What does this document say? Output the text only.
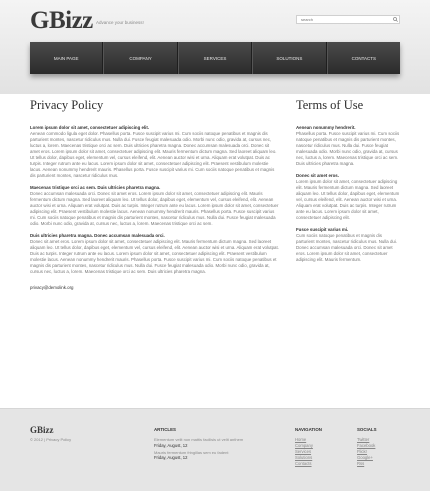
GBizz Advance your business!
search
MAIN PAGE	COMPANY	SERVICES	SOLUTIONS	CONTACTS
Privacy Policy	Terms of Use
Lorem ipsum dolor sit amet, consectetuer adipiscing elit.
Aenean commodo ligula eget dolor. Phasellus porta. Fusce suscipit varius mi. Cum sociis natoque penatibus et magnis dis parturient montes, nascetur ridiculus mus. Nulla dui. Fusce feugiat malesuada odio. Morbi nunc odio, gravida at, cursus nec, luctus a, lorem. Maecenas tristique orci ac sem. Duis ultricies pharetra magna. Donec accumsan malesuada orci. Donec sit amet eros. Lorem ipsum dolor sit amet, consectetuer adipiscing elit. Mauris fermentum dictum magna. Sed laoreet aliquam leo. Ut tellus dolor, dapibus eget, elementum vel, cursus eleifend, elit. Aenean auctor wisi et urna. Aliquam erat volutpat. Duis ac turpis. Integer rutrum ante eu lacus. Lorem ipsum dolor sit amet, consectetuer adipiscing elit. Praesent vestibulum molestie lacus. Aenean nonummy hendrerit mauris. Phasellus porta. Fusce suscipit varius mi. Cum sociis natoque penatibus et magnis dis parturient montes, nascetur ridiculus mus.
Maecenas tristique orci ac sem. Duis ultricies pharetra magna.
Donec accumsan malesuada orci. Donec sit amet eros. Lorem ipsum dolor sit amet, consectetuer adipiscing elit. Mauris fermentum dictum magna. Sed laoreet aliquam leo. Ut tellus dolor, dapibus eget, elementum vel, cursus eleifend, elit. Aenean auctor wisi et urna. Aliquam erat volutpat. Duis ac turpis. Integer rutrum ante eu lacus. Lorem ipsum dolor sit amet, consectetuer adipiscing elit. Praesent vestibulum molestie lacus. Aenean nonummy hendrerit mauris. Phasellus porta. Fusce suscipit varius mi. Cum sociis natoque penatibus et magnis dis parturient montes, nascetur ridiculus mus. Nulla dui. Fusce feugiat malesuada odio. Morbi nunc odio, gravida at, cursus nec, luctus a, lorem. Maecenas tristique orci ac sem.
Duis ultricies pharetra magna. Donec accumsan malesuada orci.
Donec sit amet eros. Lorem ipsum dolor sit amet, consectetuer adipiscing elit. Mauris fermentum dictum magna. Sed laoreet aliquam leo. Ut tellus dolor, dapibus eget, elementum vel, cursus eleifend, elit. Aenean auctor wisi et urna. Aliquam erat volutpat. Duis ac turpis. Integer rutrum ante eu lacus. Lorem ipsum dolor sit amet, consectetuer adipiscing elit. Praesent vestibulum molestie lacus. Aenean nonummy hendrerit mauris. Phasellus porta. Fusce suscipit varius mi. Cum sociis natoque penatibus et magnis dis parturient montes, nascetur ridiculus mus. Nulla dui. Fusce feugiat malesuada odio. Morbi nunc odio, gravida at, cursus nec, luctus a, lorem. Maecenas tristique orci ac sem. Duis ultricies pharetra magna.
privacy@demolink.org
Aenean nonummy hendrerit.
Phasellus porta. Fusce suscipit varius mi. Cum sociis natoque penatibus et magnis dis parturient montes, nascetur ridiculus mus. Nulla dui. Fusce feugiat malesuada odio. Morbi nunc odio, gravida at, cursus nec, luctus a, lorem. Maecenas tristique orci ac sem. Duis ultricies pharetra magna.
Donec sit amet eros.
Lorem ipsum dolor sit amet, consectetuer adipiscing elit. Mauris fermentum dictum magna. Sed laoreet aliquam leo. Ut tellus dolor, dapibus eget, elementum vel, cursus eleifend, elit. Aenean auctor wisi et urna. Aliquam erat volutpat. Duis ac turpis. Integer rutrum ante eu lacus. Lorem ipsum dolor sit amet, consectetuer adipiscing elit.
Fusce suscipit varius mi.
Cum sociis natoque penatibus et magnis dis parturient montes, nascetur ridiculus mus. Nulla dui. Donec accumsan malesuada orci. Donec sit amet eros. Lorem ipsum dolor sit amet, consectetuer adipiscing elit. Mauris fermentum.
GBizz
© 2012 | Privacy Policy
ARTICLES
Elementum velit non mattis facilisis ut velit anthem
Friday, August, 12
Mauris fermentum fringillas sem eu fadent
Friday, August, 12
NAVIGATION
Home
Company
Services
Solutions
Contacts
SOCIALS
Twitter
Facebook
Flickr
Google+
Rss
